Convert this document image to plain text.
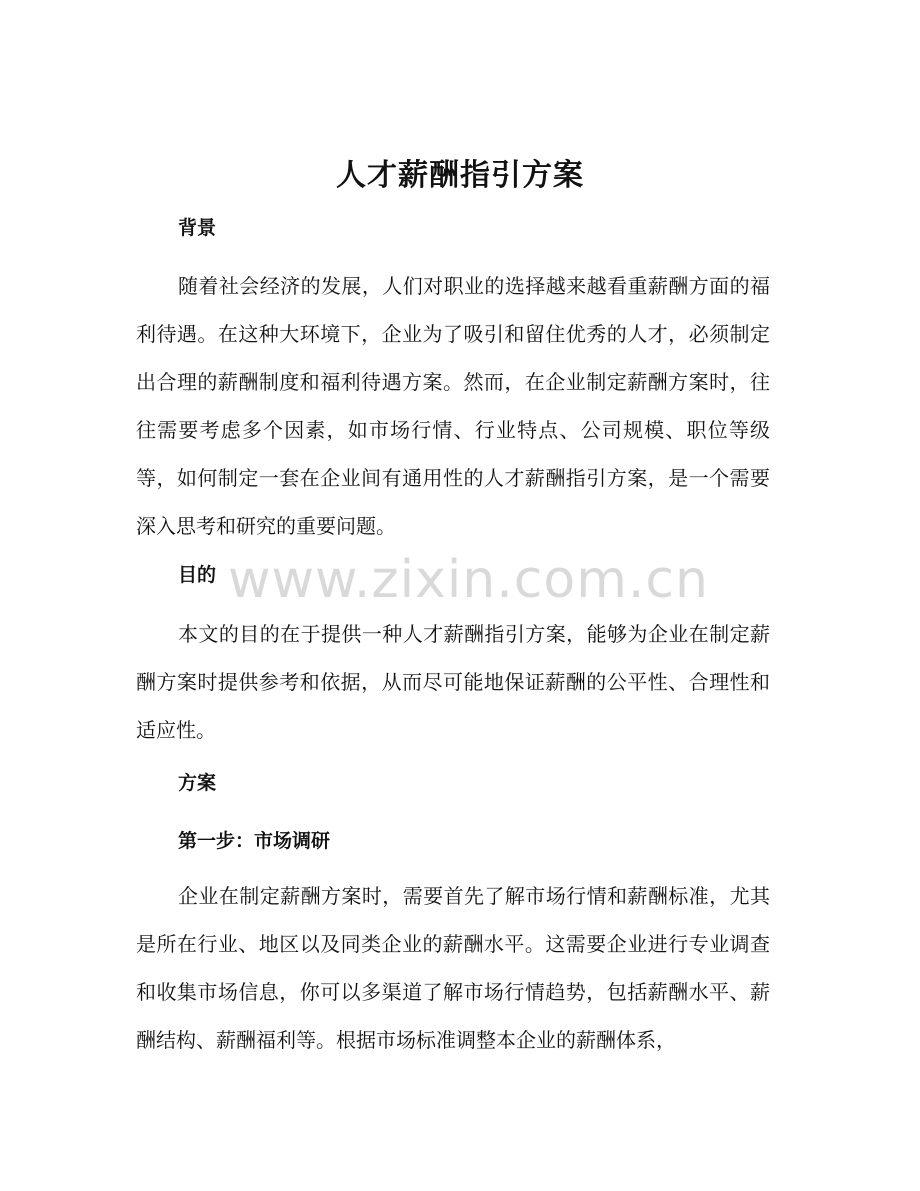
人才薪酬指引方案
背景

随着社会经济的发展，人们对职业的选择越来越看重薪酬方面的福利待遇。在这种大环境下，企业为了吸引和留住优秀的人才，必须制定出合理的薪酬制度和福利待遇方案。然而，在企业制定薪酬方案时，往往需要考虑多个因素，如市场行情、行业特点、公司规模、职位等级等，如何制定一套在企业间有通用性的人才薪酬指引方案，是一个需要深入思考和研究的重要问题。

目的

本文的目的在于提供一种人才薪酬指引方案，能够为企业在制定薪酬方案时提供参考和依据，从而尽可能地保证薪酬的公平性、合理性和适应性。

方案
第一步：市场调研

企业在制定薪酬方案时，需要首先了解市场行情和薪酬标准，尤其是所在行业、地区以及同类企业的薪酬水平。这需要企业进行专业调查和收集市场信息，你可以多渠道了解市场行情趋势，包括薪酬水平、薪酬结构、薪酬福利等。根据市场标准调整本企业的薪酬体系，

www.zixin.com.cn
